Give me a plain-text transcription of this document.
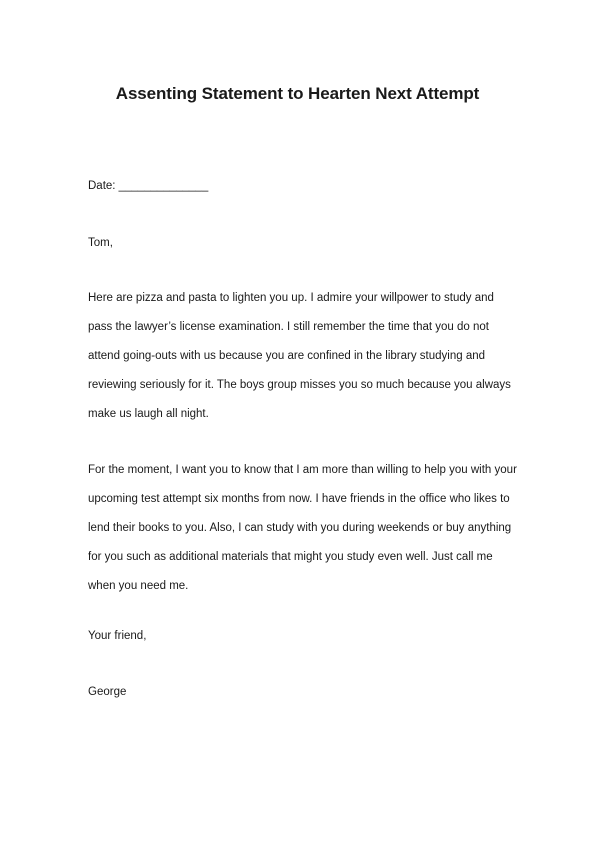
Assenting Statement to Hearten Next Attempt

Date: ______________

Tom,

Here are pizza and pasta to lighten you up. I admire your willpower to study and pass the lawyer’s license examination. I still remember the time that you do not attend going-outs with us because you are confined in the library studying and reviewing seriously for it. The boys group misses you so much because you always make us laugh all night.

For the moment, I want you to know that I am more than willing to help you with your upcoming test attempt six months from now. I have friends in the office who likes to lend their books to you. Also, I can study with you during weekends or buy anything for you such as additional materials that might you study even well. Just call me when you need me.

Your friend,

George
